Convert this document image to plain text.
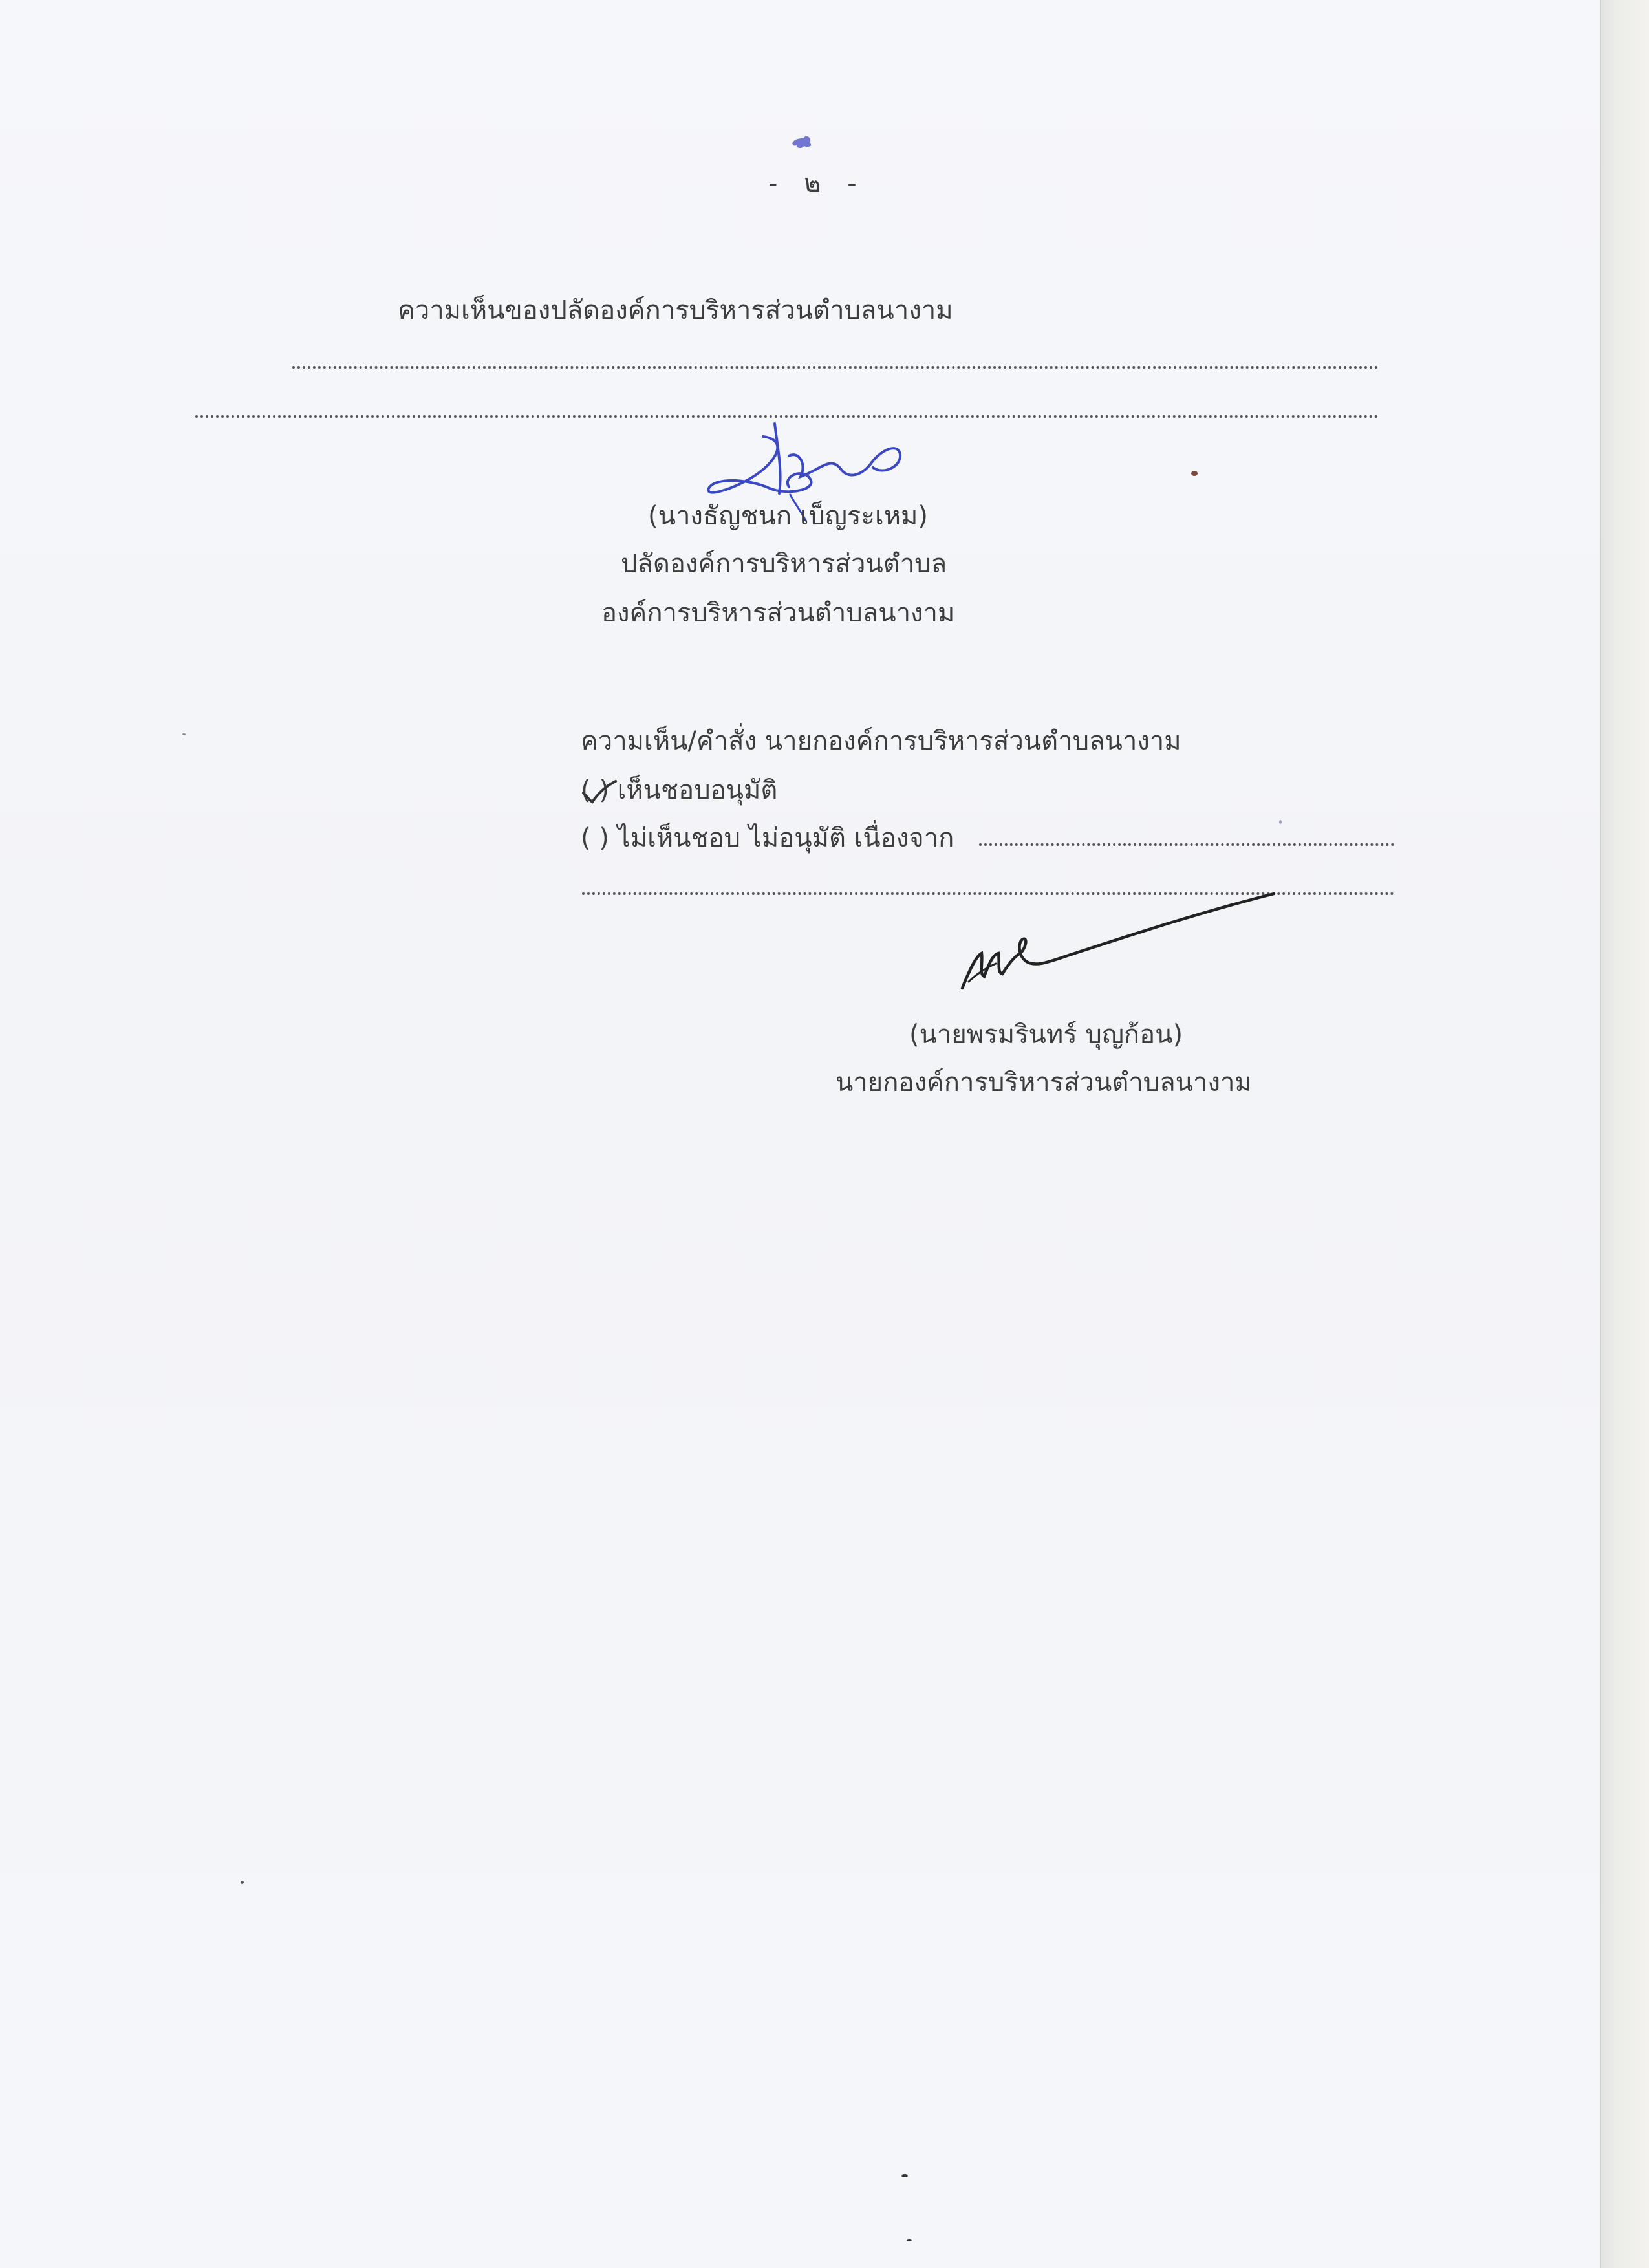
- ๒ -

ความเห็นของปลัดองค์การบริหารส่วนตำบลนางาม

(นางธัญชนก เบ็ญระเหม)

ปลัดองค์การบริหารส่วนตำบล

องค์การบริหารส่วนตำบลนางาม

ความเห็น/คำสั่ง นายกองค์การบริหารส่วนตำบลนางาม

( ) เห็นชอบอนุมัติ

( ) ไม่เห็นชอบ ไม่อนุมัติ เนื่องจาก

(นายพรมรินทร์ บุญก้อน)

นายกองค์การบริหารส่วนตำบลนางาม
